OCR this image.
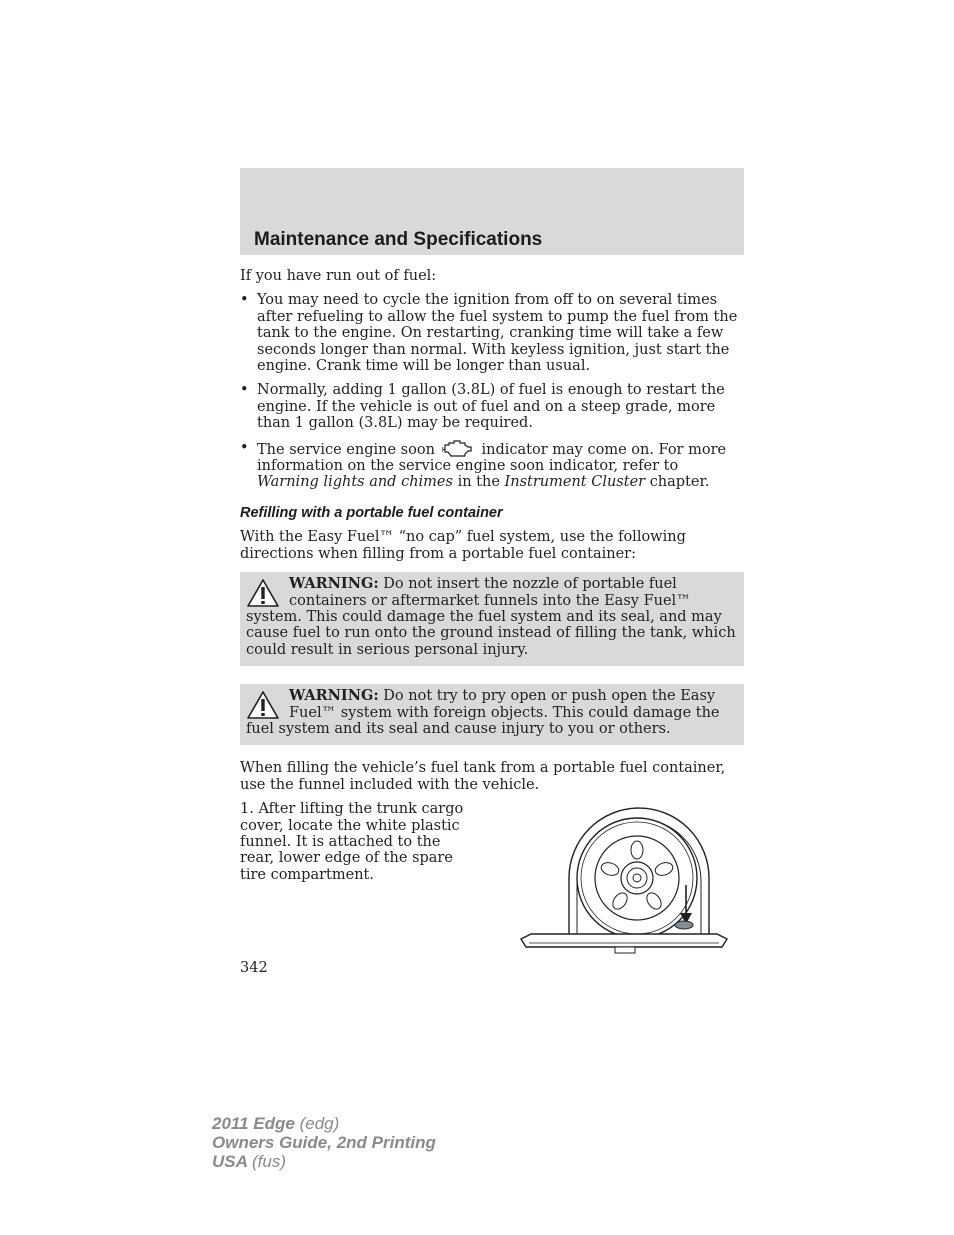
Maintenance and Specifications

If you have run out of fuel:

• You may need to cycle the ignition from off to on several times after refueling to allow the fuel system to pump the fuel from the tank to the engine. On restarting, cranking time will take a few seconds longer than normal. With keyless ignition, just start the engine. Crank time will be longer than usual.
• Normally, adding 1 gallon (3.8L) of fuel is enough to restart the engine. If the vehicle is out of fuel and on a steep grade, more than 1 gallon (3.8L) may be required.
• The service engine soon	indicator may come on. For more information on the service engine soon indicator, refer to Warning lights and chimes in the Instrument Cluster chapter.
Refilling with a portable fuel container

With the Easy Fuel™ “no cap” fuel system, use the following directions when filling from a portable fuel container:

WARNING: Do not insert the nozzle of portable fuel containers or aftermarket funnels into the Easy Fuel™ system. This could damage the fuel system and its seal, and may cause fuel to run onto the ground instead of filling the tank, which could result in serious personal injury.
WARNING: Do not try to pry open or push open the Easy Fuel™ system with foreign objects. This could damage the fuel system and its seal and cause injury to you or others.

When filling the vehicle’s fuel tank from a portable fuel container, use the funnel included with the vehicle.

1. After lifting the trunk cargo cover, locate the white plastic funnel. It is attached to the rear, lower edge of the spare tire compartment.

342
2011 Edge (edg)
Owners Guide, 2nd Printing
USA (fus)
